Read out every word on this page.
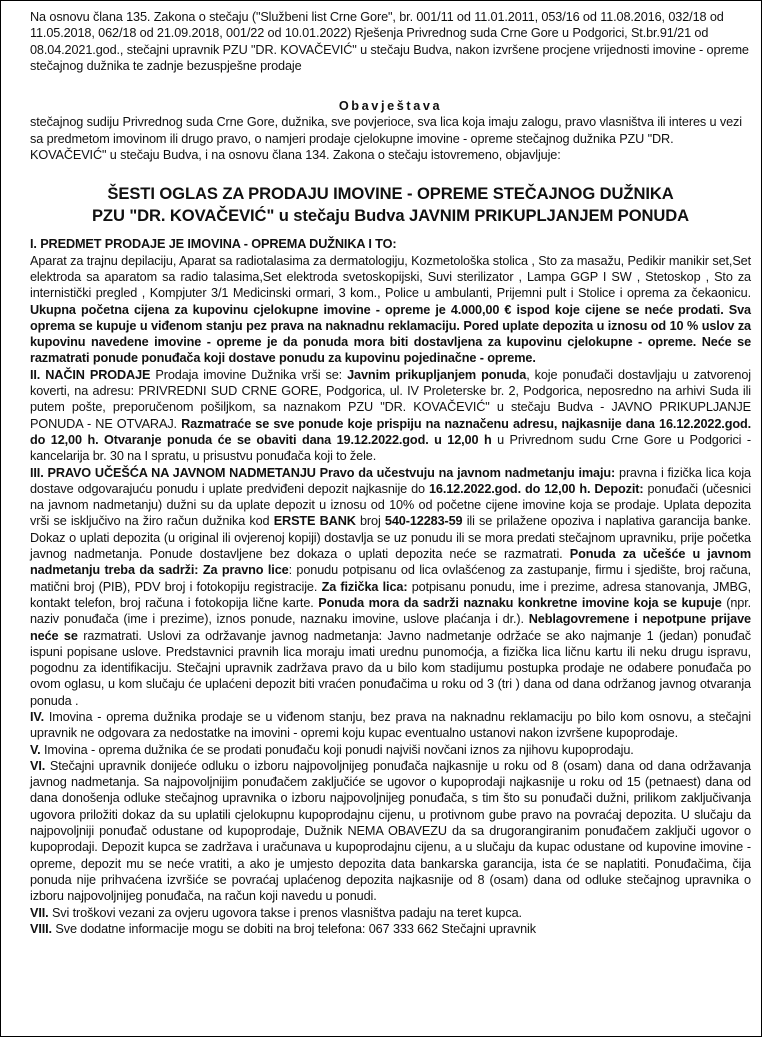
Na osnovu člana 135. Zakona o stečaju ("Službeni list Crne Gore", br. 001/11 od 11.01.2011, 053/16 od 11.08.2016, 032/18 od 11.05.2018, 062/18 od 21.09.2018, 001/22 od 10.01.2022) Rješenja Privrednog suda Crne Gore u Podgorici, St.br.91/21 od 08.04.2021.god., stečajni upravnik PZU "DR. KOVAČEVIĆ" u stečaju Budva, nakon izvršene procjene vrijednosti imovine - opreme stečajnog dužnika te zadnje bezuspješne prodaje

Obavještava

stečajnog sudiju Privrednog suda Crne Gore, dužnika, sve povjerioce, sva lica koja imaju zalogu, pravo vlasništva ili interes u vezi sa predmetom imovinom ili drugo pravo, o namjeri prodaje cjelokupne imovine - opreme stečajnog dužnika PZU "DR. KOVAČEVIĆ" u stečaju Budva, i na osnovu člana 134. Zakona o stečaju istovremeno, objavljuje:

ŠESTI OGLAS ZA PRODAJU IMOVINE - OPREME STEČAJNOG DUŽNIKA
PZU "DR. KOVAČEVIĆ" u stečaju Budva JAVNIM PRIKUPLJANJEM PONUDA
I. PREDMET PRODAJE JE IMOVINA - OPREMA DUŽNIKA I TO:

Aparat za trajnu depilaciju, Aparat sa radiotalasima za dermatologiju, Kozmetološka stolica , Sto za masažu, Pedikir manikir set,Set elektroda sa aparatom sa radio talasima,Set elektroda svetoskopijski, Suvi sterilizator , Lampa GGP I SW , Stetoskop , Sto za internistički pregled , Kompjuter 3/1 Medicinski ormari, 3 kom., Police u ambulanti, Prijemni pult i Stolice i oprema za čekaonicu. Ukupna početna cijena za kupovinu cjelokupne imovine - opreme je 4.000,00 € ispod koje cijene se neće prodati. Sva oprema se kupuje u viđenom stanju pez prava na naknadnu reklamaciju. Pored uplate depozita u iznosu od 10 % uslov za kupovinu navedene imovine - opreme je da ponuda mora biti dostavljena za kupovinu cjelokupne - opreme. Neće se razmatrati ponude ponuđača koji dostave ponudu za kupovinu pojedinačne - opreme.

II. NAČIN PRODAJE Prodaja imovine Dužnika vrši se: Javnim prikupljanjem ponuda, koje ponuđači dostavljaju u zatvorenoj koverti, na adresu: PRIVREDNI SUD CRNE GORE, Podgorica, ul. IV Proleterske br. 2, Podgorica, neposredno na arhivi Suda ili putem pošte, preporučenom pošiljkom, sa naznakom PZU "DR. KOVAČEVIĆ" u stečaju Budva - JAVNO PRIKUPLJANJE PONUDA - NE OTVARAJ. Razmatraće se sve ponude koje prispiju na naznačenu adresu, najkasnije dana 16.12.2022.god. do 12,00 h. Otvaranje ponuda će se obaviti dana 19.12.2022.god. u 12,00 h u Privrednom sudu Crne Gore u Podgorici - kancelarija br. 30 na I spratu, u prisustvu ponuđača koji to žele.

III. PRAVO UČEŠĆA NA JAVNOM NADMETANJU Pravo da učestvuju na javnom nadmetanju imaju: pravna i fizička lica koja dostave odgovarajuću ponudu i uplate predviđeni depozit najkasnije do 16.12.2022.god. do 12,00 h. Depozit: ponuđači (učesnici na javnom nadmetanju) dužni su da uplate depozit u iznosu od 10% od početne cijene imovine koja se prodaje. Uplata depozita vrši se isključivo na žiro račun dužnika kod ERSTE BANK broj 540-12283-59 ili se prilažene opoziva i naplativa garancija banke. Dokaz o uplati depozita (u original ili ovjerenoj kopiji) dostavlja se uz ponudu ili se mora predati stečajnom upravniku, prije početka javnog nadmetanja. Ponude dostavljene bez dokaza o uplati depozita neće se razmatrati. Ponuda za učešće u javnom nadmetanju treba da sadrži: Za pravno lice: ponudu potpisanu od lica ovlašćenog za zastupanje, firmu i sjedište, broj računa, matični broj (PIB), PDV broj i fotokopiju registracije. Za fizička lica: potpisanu ponudu, ime i prezime, adresa stanovanja, JMBG, kontakt telefon, broj računa i fotokopija lične karte. Ponuda mora da sadrži naznaku konkretne imovine koja se kupuje (npr. naziv ponuđača (ime i prezime), iznos ponude, naznaku imovine, uslove plaćanja i dr.). Neblagovremene i nepotpune prijave neće se razmatrati. Uslovi za održavanje javnog nadmetanja: Javno nadmetanje održaće se ako najmanje 1 (jedan) ponuđač ispuni popisane uslove. Predstavnici pravnih lica moraju imati urednu punomoćja, a fizička lica ličnu kartu ili neku drugu ispravu, pogodnu za identifikaciju. Stečajni upravnik zadržava pravo da u bilo kom stadijumu postupka prodaje ne odabere ponuđača po ovom oglasu, u kom slučaju će uplaćeni depozit biti vraćen ponuđačima u roku od 3 (tri ) dana od dana održanog javnog otvaranja ponuda .

IV. Imovina - oprema dužnika prodaje se u viđenom stanju, bez prava na naknadnu reklamaciju po bilo kom osnovu, a stečajni upravnik ne odgovara za nedostatke na imovini - opremi koju kupac eventualno ustanovi nakon izvršene kupoprodaje.

V. Imovina - oprema dužnika će se prodati ponuđaču koji ponudi najviši novčani iznos za njihovu kupoprodaju.

VI. Stečajni upravnik donijeće odluku o izboru najpovoljnijeg ponuđača najkasnije u roku od 8 (osam) dana od dana održavanja javnog nadmetanja. Sa najpovoljnijim ponuđačem zaključiće se ugovor o kupoprodaji najkasnije u roku od 15 (petnaest) dana od dana donošenja odluke stečajnog upravnika o izboru najpovoljnijeg ponuđača, s tim što su ponuđači dužni, prilikom zaključivanja ugovora priložiti dokaz da su uplatili cjelokupnu kupoprodajnu cijenu, u protivnom gube pravo na povraćaj depozita. U slučaju da najpovoljniji ponuđač odustane od kupoprodaje, Dužnik NEMA OBAVEZU da sa drugorangiranim ponuđačem zaključi ugovor o kupoprodaji. Depozit kupca se zadržava i uračunava u kupoprodajnu cijenu, a u slučaju da kupac odustane od kupovine imovine - opreme, depozit mu se neće vratiti, a ako je umjesto depozita data bankarska garancija, ista će se naplatiti. Ponuđačima, čija ponuda nije prihvaćena izvršiće se povraćaj uplaćenog depozita najkasnije od 8 (osam) dana od odluke stečajnog upravnika o izboru najpovoljnijeg ponuđača, na račun koji navedu u ponudi.

VII. Svi troškovi vezani za ovjeru ugovora takse i prenos vlasništva padaju na teret kupca.

VIII. Sve dodatne informacije mogu se dobiti na broj telefona: 067 333 662 Stečajni upravnik
